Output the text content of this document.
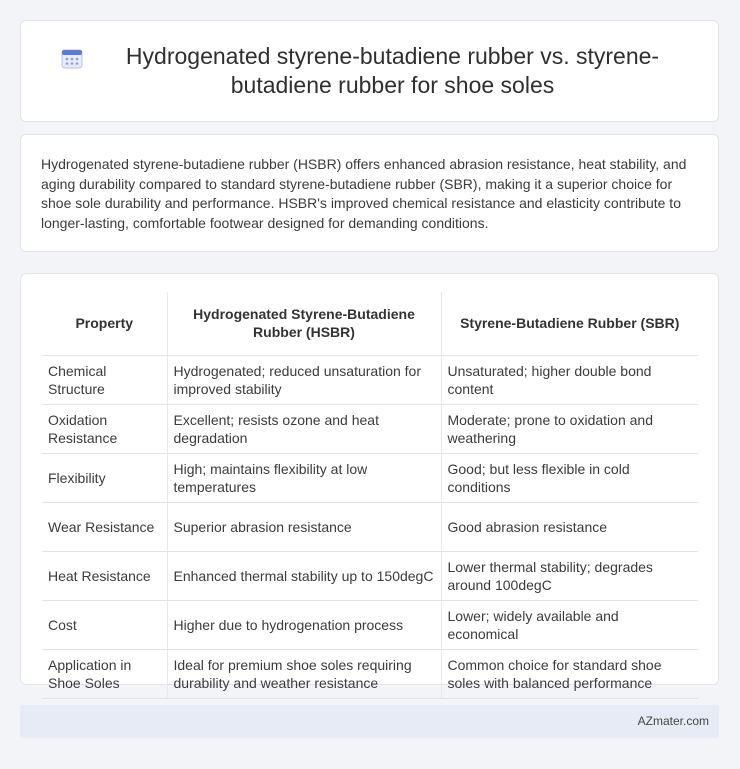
Hydrogenated styrene-butadiene rubber vs. styrene-butadiene rubber for shoe soles

Hydrogenated styrene-butadiene rubber (HSBR) offers enhanced abrasion resistance, heat stability, and aging durability compared to standard styrene-butadiene rubber (SBR), making it a superior choice for shoe sole durability and performance. HSBR's improved chemical resistance and elasticity contribute to longer-lasting, comfortable footwear designed for demanding conditions.

Property	Hydrogenated Styrene-Butadiene Rubber (HSBR)	Styrene-Butadiene Rubber (SBR)
Chemical Structure	Hydrogenated; reduced unsaturation for improved stability	Unsaturated; higher double bond content
Oxidation Resistance	Excellent; resists ozone and heat degradation	Moderate; prone to oxidation and weathering
Flexibility	High; maintains flexibility at low temperatures	Good; but less flexible in cold conditions
Wear Resistance	Superior abrasion resistance	Good abrasion resistance
Heat Resistance	Enhanced thermal stability up to 150degC	Lower thermal stability; degrades around 100degC
Cost	Higher due to hydrogenation process	Lower; widely available and economical
Application in Shoe Soles	Ideal for premium shoe soles requiring durability and weather resistance	Common choice for standard shoe soles with balanced performance
AZmater.com
